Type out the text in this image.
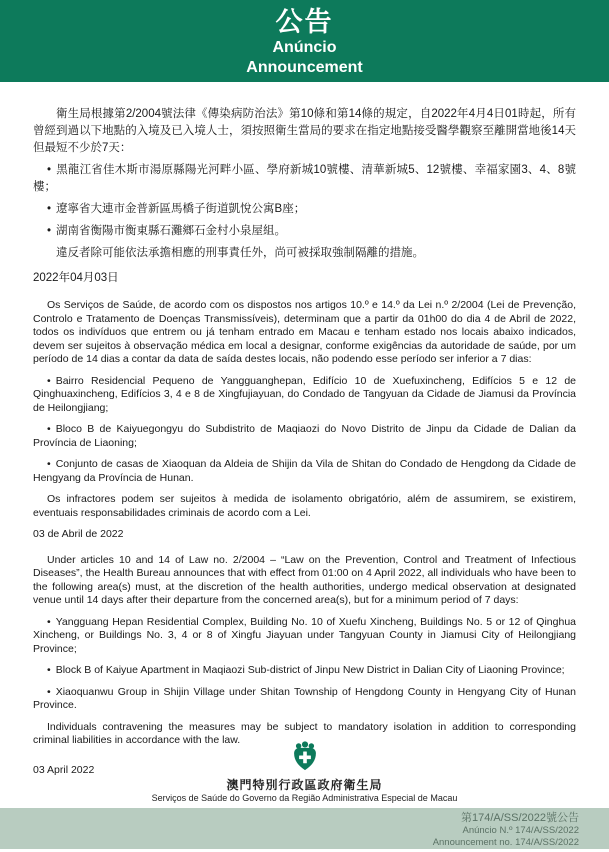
公告
Anúncio
Announcement

衛生局根據第2/2004號法律《傳染病防治法》第10條和第14條的規定，自2022年4月4日01時起，所有曾經到過以下地點的入境及已入境人士，須按照衛生當局的要求在指定地點接受醫學觀察至離開當地後14天但最短不少於7天：

• 黑龍江省佳木斯市湯原縣陽光河畔小區、學府新城10號樓、清華新城5、12號樓、幸福家園3、4、8號樓；

• 遼寧省大連市金普新區馬橋子街道凱悅公寓B座；

• 湖南省衡陽市衡東縣石灘鄉石金村小泉屋組。

違反者除可能依法承擔相應的刑事責任外，尚可被採取強制隔離的措施。

2022年04月03日

Os Serviços de Saúde, de acordo com os dispostos nos artigos 10.º e 14.º da Lei n.º 2/2004 (Lei de Prevenção, Controlo e Tratamento de Doenças Transmissíveis), determinam que a partir da 01h00 do dia 4 de Abril de 2022, todos os indivíduos que entrem ou já tenham entrado em Macau e tenham estado nos locais abaixo indicados, devem ser sujeitos à observação médica em local a designar, conforme exigências da autoridade de saúde, por um período de 14 dias a contar da data de saída destes locais, não podendo esse período ser inferior a 7 dias:

• Bairro Residencial Pequeno de Yangguanghepan, Edifício 10 de Xuefuxincheng, Edifícios 5 e 12 de Qinghuaxincheng, Edifícios 3, 4 e 8 de Xingfujiayuan, do Condado de Tangyuan da Cidade de Jiamusi da Província de Heilongjiang;

• Bloco B de Kaiyuegongyu do Subdistrito de Maqiaozi do Novo Distrito de Jinpu da Cidade de Dalian da Província de Liaoning;

• Conjunto de casas de Xiaoquan da Aldeia de Shijin da Vila de Shitan do Condado de Hengdong da Cidade de Hengyang da Província de Hunan.

Os infractores podem ser sujeitos à medida de isolamento obrigatório, além de assumirem, se existirem, eventuais responsabilidades criminais de acordo com a Lei.

03 de Abril de 2022

Under articles 10 and 14 of Law no. 2/2004 – “Law on the Prevention, Control and Treatment of Infectious Diseases”, the Health Bureau announces that with effect from 01:00 on 4 April 2022, all individuals who have been to the following area(s) must, at the discretion of the health authorities, undergo medical observation at designated venue until 14 days after their departure from the concerned area(s), but for a minimum period of 7 days:

• Yangguang Hepan Residential Complex, Building No. 10 of Xuefu Xincheng, Buildings No. 5 or 12 of Qinghua Xincheng, or Buildings No. 3, 4 or 8 of Xingfu Jiayuan under Tangyuan County in Jiamusi City of Heilongjiang Province;

• Block B of Kaiyue Apartment in Maqiaozi Sub-district of Jinpu New District in Dalian City of Liaoning Province;

• Xiaoquanwu Group in Shijin Village under Shitan Township of Hengdong County in Hengyang City of Hunan Province.

Individuals contravening the measures may be subject to mandatory isolation in addition to corresponding criminal liabilities in accordance with the law.

03 April 2022

澳門特別行政區政府衛生局
Serviços de Saúde do Governo da Região Administrativa Especial de Macau
第174/A/SS/2022號公告
Anúncio N.º 174/A/SS/2022
Announcement no. 174/A/SS/2022
